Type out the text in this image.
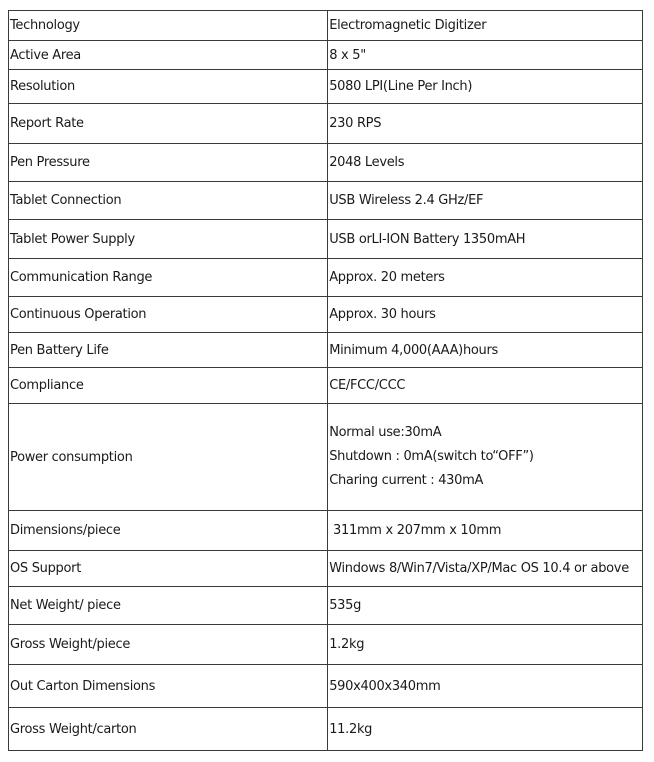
Technology	Electromagnetic Digitizer
Active Area	8 x 5"
Resolution	5080 LPI(Line Per Inch)
Report Rate	230 RPS
Pen Pressure	2048 Levels
Tablet Connection	USB Wireless 2.4 GHz/EF
Tablet Power Supply	USB orLI-ION Battery 1350mAH
Communication Range	Approx. 20 meters
Continuous Operation	Approx. 30 hours
Pen Battery Life	Minimum 4,000(AAA)hours
Compliance	CE/FCC/CCC
Power consumption	Normal use:30mA
Shutdown : 0mA(switch to“OFF”)
Charing current : 430mA

Dimensions/piece	311mm x 207mm x 10mm
OS Support	Windows 8/Win7/Vista/XP/Mac OS 10.4 or above
Net Weight/ piece	535g
Gross Weight/piece	1.2kg
Out Carton Dimensions	590x400x340mm
Gross Weight/carton	11.2kg
